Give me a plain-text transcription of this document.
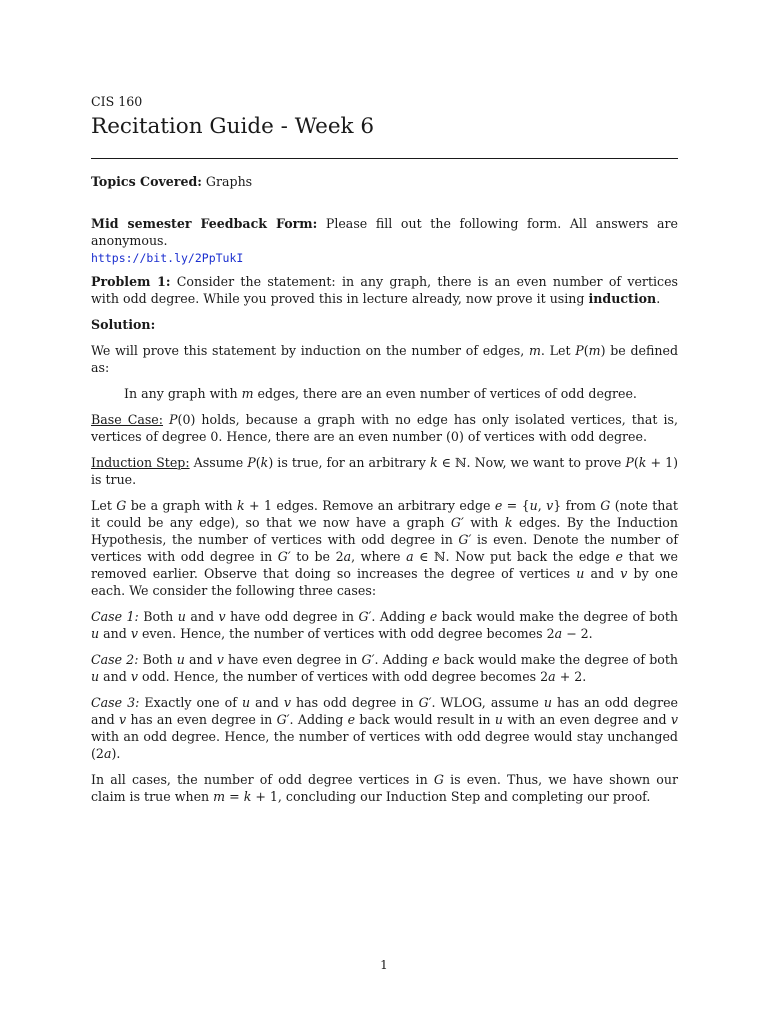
CIS 160
Recitation Guide - Week 6

Topics Covered: Graphs

Mid semester Feedback Form: Please fill out the following form. All answers are anonymous.
https://bit.ly/2PpTukI

Problem 1: Consider the statement: in any graph, there is an even number of vertices with odd degree. While you proved this in lecture already, now prove it using induction.

Solution:

We will prove this statement by induction on the number of edges, m. Let P(m) be defined as:

In any graph with m edges, there are an even number of vertices of odd degree.

Base Case: P(0) holds, because a graph with no edge has only isolated vertices, that is, vertices of degree 0. Hence, there are an even number (0) of vertices with odd degree.

Induction Step: Assume P(k) is true, for an arbitrary k ∈ ℕ. Now, we want to prove P(k + 1) is true.

Let G be a graph with k + 1 edges. Remove an arbitrary edge e = {u, v} from G (note that it could be any edge), so that we now have a graph G′ with k edges. By the Induction Hypothesis, the number of vertices with odd degree in G′ is even. Denote the number of vertices with odd degree in G′ to be 2a, where a ∈ ℕ. Now put back the edge e that we removed earlier. Observe that doing so increases the degree of vertices u and v by one each. We consider the following three cases:

Case 1: Both u and v have odd degree in G′. Adding e back would make the degree of both u and v even. Hence, the number of vertices with odd degree becomes 2a − 2.

Case 2: Both u and v have even degree in G′. Adding e back would make the degree of both u and v odd. Hence, the number of vertices with odd degree becomes 2a + 2.

Case 3: Exactly one of u and v has odd degree in G′. WLOG, assume u has an odd degree and v has an even degree in G′. Adding e back would result in u with an even degree and v with an odd degree. Hence, the number of vertices with odd degree would stay unchanged (2a).

In all cases, the number of odd degree vertices in G is even. Thus, we have shown our claim is true when m = k + 1, concluding our Induction Step and completing our proof.

1
